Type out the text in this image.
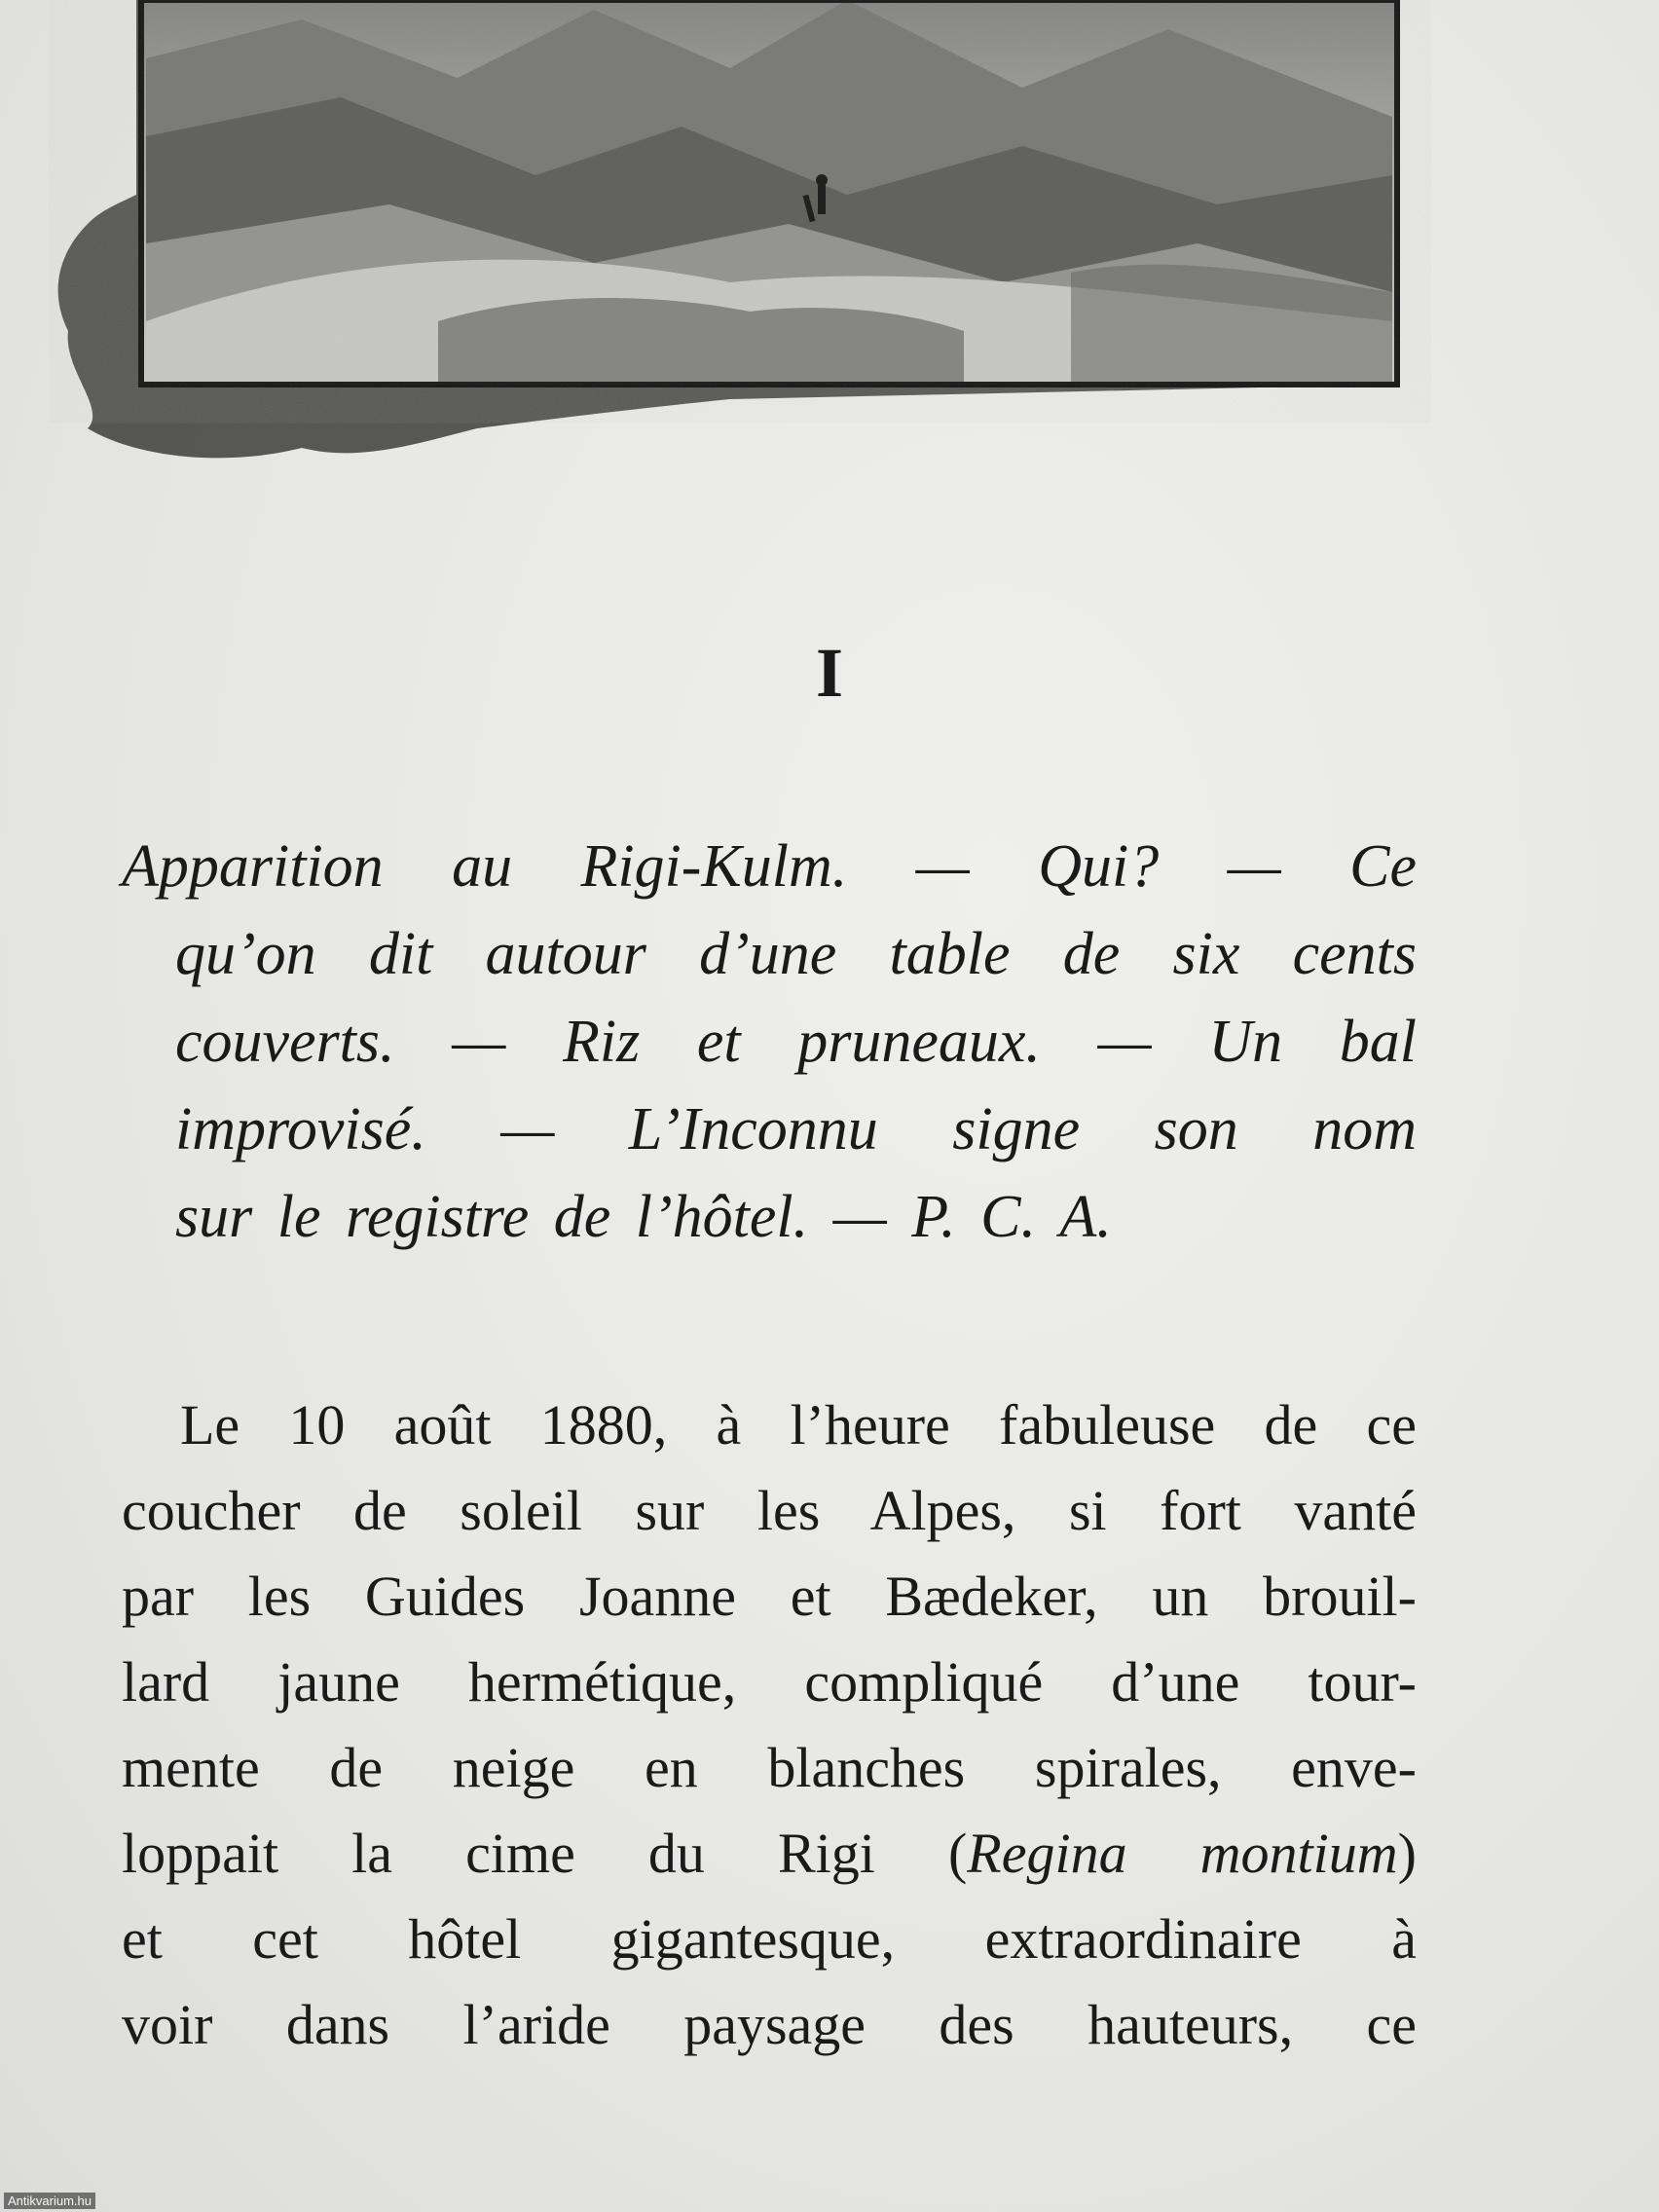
I
Apparition au Rigi-Kulm. — Qui? — Ce
qu’on dit autour d’une table de six cents
couverts. — Riz et pruneaux. — Un bal
improvisé. — L’Inconnu signe son nom
sur le registre de l’hôtel. — P. C. A.
Le 10 août 1880, à l’heure fabuleuse de ce
coucher de soleil sur les Alpes, si fort vanté
par les Guides Joanne et Bædeker, un brouil-
lard jaune hermétique, compliqué d’une tour-
mente de neige en blanches spirales, enve-
loppait la cime du Rigi (Regina montium)
et cet hôtel gigantesque, extraordinaire à
voir dans l’aride paysage des hauteurs, ce
Antikvarium.hu
